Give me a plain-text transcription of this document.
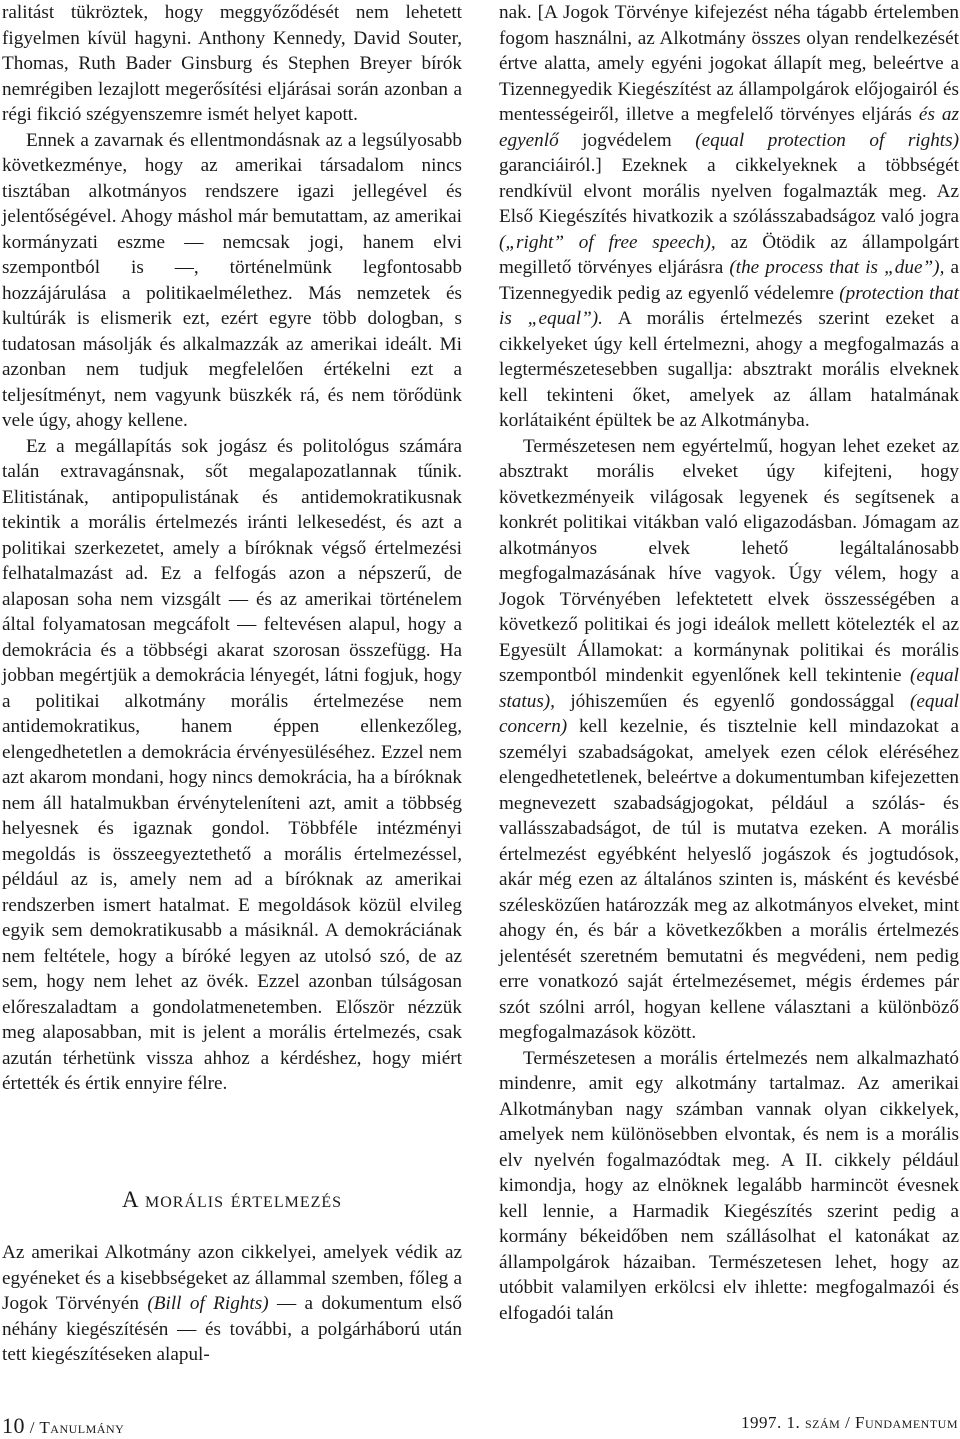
ralitást tükröztek, hogy meggyőződését nem lehetett figyelmen kívül hagyni. Anthony Kennedy, David Souter, Thomas, Ruth Bader Ginsburg és Stephen Breyer bírók nemrégiben lezajlott megerősítési eljárásai során azonban a régi fikció szégyenszemre ismét helyet kapott.

Ennek a zavarnak és ellentmondásnak az a legsúlyosabb következménye, hogy az amerikai társadalom nincs tisztában alkotmányos rendszere igazi jellegével és jelentőségével. Ahogy máshol már bemutattam, az amerikai kormányzati eszme — nemcsak jogi, hanem elvi szempontból is —, történelmünk legfontosabb hozzájárulása a politikaelmélethez. Más nemzetek és kultúrák is elismerik ezt, ezért egyre több dologban, s tudatosan másolják és alkalmazzák az amerikai ideált. Mi azonban nem tudjuk megfelelően értékelni ezt a teljesítményt, nem vagyunk büszkék rá, és nem törődünk vele úgy, ahogy kellene.

Ez a megállapítás sok jogász és politológus számára talán extravagánsnak, sőt megalapozatlannak tűnik. Elitistának, antipopulistának és antidemokratikusnak tekintik a morális értelmezés iránti lelkesedést, és azt a politikai szerkezetet, amely a bíróknak végső értelmezési felhatalmazást ad. Ez a felfogás azon a népszerű, de alaposan soha nem vizsgált — és az amerikai történelem által folyamatosan megcáfolt — feltevésen alapul, hogy a demokrácia és a többségi akarat szorosan összefügg. Ha jobban megértjük a demokrácia lényegét, látni fogjuk, hogy a politikai alkotmány morális értelmezése nem antidemokratikus, hanem éppen ellenkezőleg, elengedhetetlen a demokrácia érvényesüléséhez. Ezzel nem azt akarom mondani, hogy nincs demokrácia, ha a bíróknak nem áll hatalmukban érvényteleníteni azt, amit a többség helyesnek és igaznak gondol. Többféle intézményi megoldás is összeegyeztethető a morális értelmezéssel, például az is, amely nem ad a bíróknak az amerikai rendszerben ismert hatalmat. E megoldások közül elvileg egyik sem demokratikusabb a másiknál. A demokráciának nem feltétele, hogy a bíróké legyen az utolsó szó, de az sem, hogy nem lehet az övék. Ezzel azonban túlságosan előreszaladtam a gondolatmenetemben. Először nézzük meg alaposabban, mit is jelent a morális értelmezés, csak azután térhetünk vissza ahhoz a kérdéshez, hogy miért értették és értik ennyire félre.

A morális értelmezés

Az amerikai Alkotmány azon cikkelyei, amelyek védik az egyéneket és a kisebbségeket az állammal szemben, főleg a Jogok Törvényén (Bill of Rights) — a dokumentum első néhány kiegészítésén — és további, a polgárháború után tett kiegészítéseken alapul-

nak. [A Jogok Törvénye kifejezést néha tágabb értelemben fogom használni, az Alkotmány összes olyan rendelkezését értve alatta, amely egyéni jogokat állapít meg, beleértve a Tizennegyedik Kiegészítést az állampolgárok előjogairól és mentességeiről, illetve a megfelelő törvényes eljárás és az egyenlő jogvédelem (equal protection of rights) garanciáiról.] Ezeknek a cikkelyeknek a többségét rendkívül elvont morális nyelven fogalmazták meg. Az Első Kiegészítés hivatkozik a szólásszabadságoz való jogra („right” of free speech), az Ötödik az állampolgárt megillető törvényes eljárásra (the process that is „due”), a Tizennegyedik pedig az egyenlő védelemre (protection that is „equal”). A morális értelmezés szerint ezeket a cikkelyeket úgy kell értelmezni, ahogy a megfogalmazás a legtermészetesebben sugallja: absztrakt morális elveknek kell tekinteni őket, amelyek az állam hatalmának korlátaiként épültek be az Alkotmányba.

Természetesen nem egyértelmű, hogyan lehet ezeket az absztrakt morális elveket úgy kifejteni, hogy következményeik világosak legyenek és segítsenek a konkrét politikai vitákban való eligazodásban. Jómagam az alkotmányos elvek lehető legáltalánosabb megfogalmazásának híve vagyok. Úgy vélem, hogy a Jogok Törvényében lefektetett elvek összességében a következő politikai és jogi ideálok mellett kötelezték el az Egyesült Államokat: a kormánynak politikai és morális szempontból mindenkit egyenlőnek kell tekintenie (equal status), jóhiszeműen és egyenlő gondossággal (equal concern) kell kezelnie, és tisztelnie kell mindazokat a személyi szabadságokat, amelyek ezen célok eléréséhez elengedhetetlenek, beleértve a dokumentumban kifejezetten megnevezett szabadságjogokat, például a szólás- és vallásszabadságot, de túl is mutatva ezeken. A morális értelmezést egyébként helyeslő jogászok és jogtudósok, akár még ezen az általános szinten is, másként és kevésbé szélesközűen határozzák meg az alkotmányos elveket, mint ahogy én, és bár a következőkben a morális értelmezés jelentését szeretném bemutatni és megvédeni, nem pedig erre vonatkozó saját értelmezésemet, mégis érdemes pár szót szólni arról, hogyan kellene választani a különböző megfogalmazások között.

Természetesen a morális értelmezés nem alkalmazható mindenre, amit egy alkotmány tartalmaz. Az amerikai Alkotmányban nagy számban vannak olyan cikkelyek, amelyek nem különösebben elvontak, és nem is a morális elv nyelvén fogalmazódtak meg. A II. cikkely például kimondja, hogy az elnöknek legalább harmincöt évesnek kell lennie, a Harmadik Kiegészítés szerint pedig a kormány békeidőben nem szállásolhat el katonákat az állampolgárok házaiban. Természetesen lehet, hogy az utóbbit valamilyen erkölcsi elv ihlette: megfogalmazói és elfogadói talán

10 / Tanulmány	1997. 1. szám / Fundamentum
